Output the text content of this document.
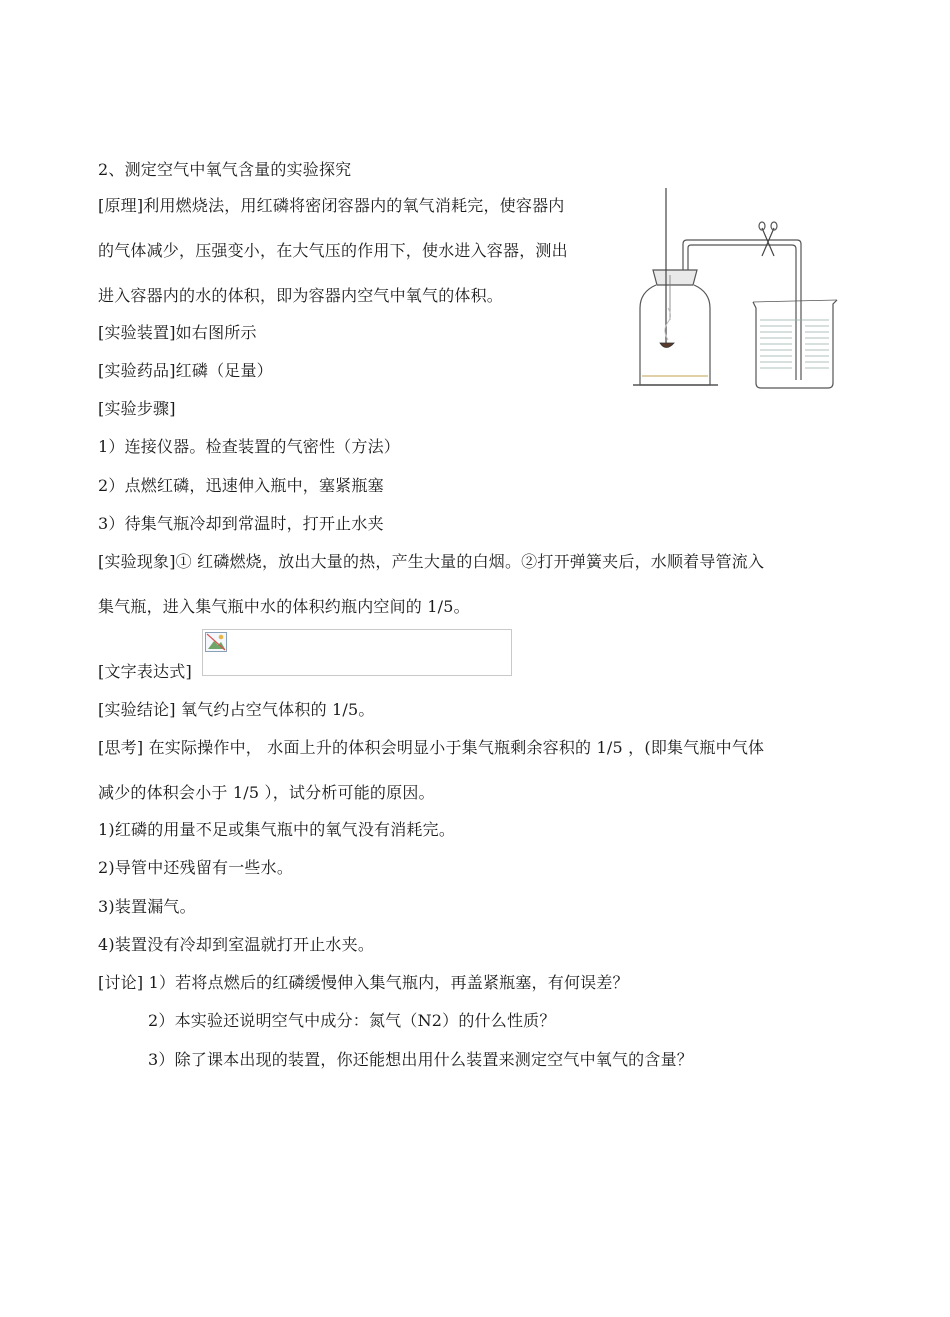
2、测定空气中氧气含量的实验探究
[原理]利用燃烧法，用红磷将密闭容器内的氧气消耗完，使容器内
的气体减少，压强变小，在大气压的作用下，使水进入容器，测出
进入容器内的水的体积，即为容器内空气中氧气的体积。
[实验装置]如右图所示
[实验药品]红磷（足量）
[实验步骤]
1）连接仪器。检查装置的气密性（方法）
2）点燃红磷，迅速伸入瓶中，塞紧瓶塞
3）待集气瓶冷却到常温时，打开止水夹
[实验现象]① 红磷燃烧，放出大量的热，产生大量的白烟。②打开弹簧夹后，水顺着导管流入
集气瓶，进入集气瓶中水的体积约瓶内空间的 1/5。
[文字表达式]
[实验结论] 氧气约占空气体积的 1/5。
[思考] 在实际操作中， 水面上升的体积会明显小于集气瓶剩余容积的 1/5 ，(即集气瓶中气体
减少的体积会小于 1/5 ），试分析可能的原因。
1)红磷的用量不足或集气瓶中的氧气没有消耗完。
2)导管中还残留有一些水。
3)装置漏气。
4)装置没有冷却到室温就打开止水夹。
[讨论] 1）若将点燃后的红磷缓慢伸入集气瓶内，再盖紧瓶塞，有何误差？
2）本实验还说明空气中成分：氮气（N2）的什么性质？
3）除了课本出现的装置，你还能想出用什么装置来测定空气中氧气的含量？
